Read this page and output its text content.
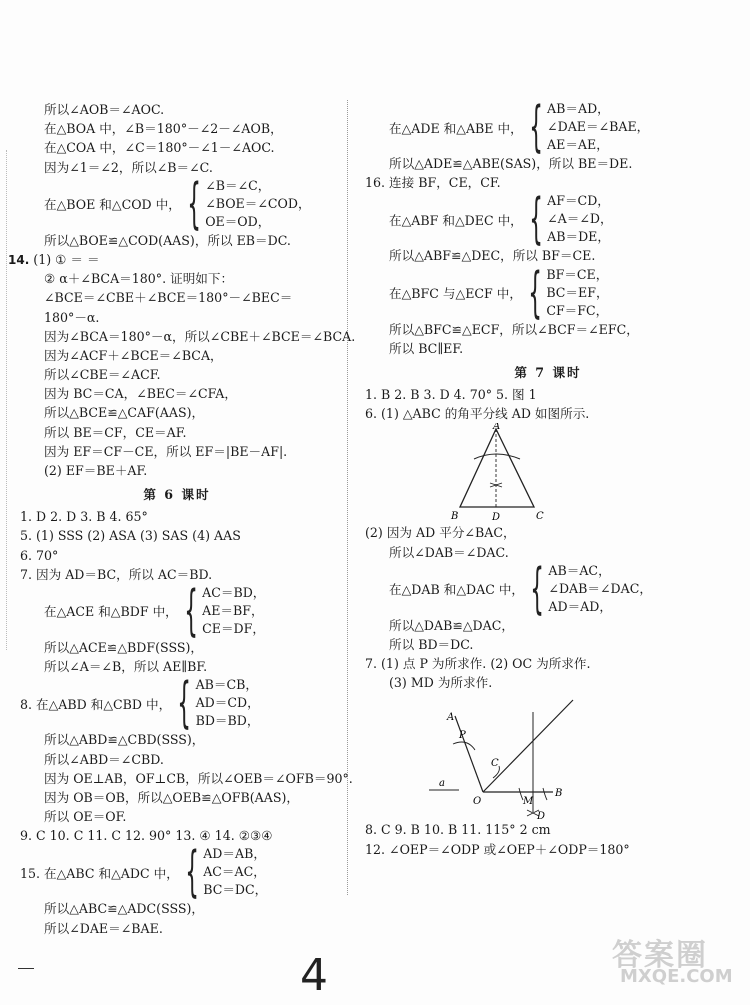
所以∠AOB＝∠AOC.
在△BOA 中，∠B＝180°－∠2－∠AOB，
在△COA 中，∠C＝180°－∠1－∠AOC.
因为∠1＝∠2，所以∠B＝∠C.
在△BOE 和△COD 中， { ∠B＝∠C，
∠BOE＝∠COD，
OE＝OD，
所以△BOE≌△COD(AAS)，所以 EB＝DC.
14. (1) ① ＝ ＝
② α＋∠BCA＝180°. 证明如下：
∠BCE＝∠CBE＋∠BCE＝180°－∠BEC＝
180°－α.
因为∠BCA＝180°－α，所以∠CBE＋∠BCE＝∠BCA.
因为∠ACF＋∠BCE＝∠BCA，
所以∠CBE＝∠ACF.
因为 BC＝CA，∠BEC＝∠CFA，
所以△BCE≌△CAF(AAS)，
所以 BE＝CF，CE＝AF.
因为 EF＝CF－CE，所以 EF＝|BE－AF|.
(2) EF＝BE＋AF.
第 6 课时
1. D 2. D 3. B 4. 65°
5. (1) SSS (2) ASA (3) SAS (4) AAS
6. 70°
7. 因为 AD＝BC，所以 AC＝BD.
在△ACE 和△BDF 中， { AC＝BD，
AE＝BF，
CE＝DF，
所以△ACE≌△BDF(SSS)，
所以∠A＝∠B，所以 AE∥BF.
8. 在△ABD 和△CBD 中， { AB＝CB，
AD＝CD，
BD＝BD，
所以△ABD≌△CBD(SSS)，
所以∠ABD＝∠CBD.
因为 OE⊥AB，OF⊥CB，所以∠OEB＝∠OFB＝90°.
因为 OB＝OB，所以△OEB≌△OFB(AAS)，
所以 OE＝OF.
9. C 10. C 11. C 12. 90° 13. ④ 14. ②③④
15. 在△ABC 和△ADC 中， { AD＝AB，
AC＝AC，
BC＝DC，
所以△ABC≌△ADC(SSS)，
所以∠DAE＝∠BAE.
在△ADE 和△ABE 中， { AB＝AD，
∠DAE＝∠BAE，
AE＝AE，
所以△ADE≌△ABE(SAS)，所以 BE＝DE.
16. 连接 BF，CE，CF.
在△ABF 和△DEC 中， { AF＝CD，
∠A＝∠D，
AB＝DE，
所以△ABF≌△DEC，所以 BF＝CE.
在△BFC 与△ECF 中， { BF＝CE，
BC＝EF，
CF＝FC，
所以△BFC≌△ECF，所以∠BCF＝∠EFC，
所以 BC∥EF.
第 7 课时
1. B 2. B 3. D 4. 70° 5. 图 1
6. (1) △ABC 的角平分线 AD 如图所示.
A
B	D	C
(2) 因为 AD 平分∠BAC，
所以∠DAB＝∠DAC.
在△DAB 和△DAC 中， { AB＝AC，
∠DAB＝∠DAC，
AD＝AD，
所以△DAB≌△DAC，
所以 BD＝DC.
7. (1) 点 P 为所求作. (2) OC 为所求作.
(3) MD 为所求作.
A
P
C
a
O	M
B
D
8. C 9. B 10. B 11. 115° 2 cm
12. ∠OEP＝∠ODP 或∠OEP＋∠ODP＝180°
4	答案圈
MXQE.COM
